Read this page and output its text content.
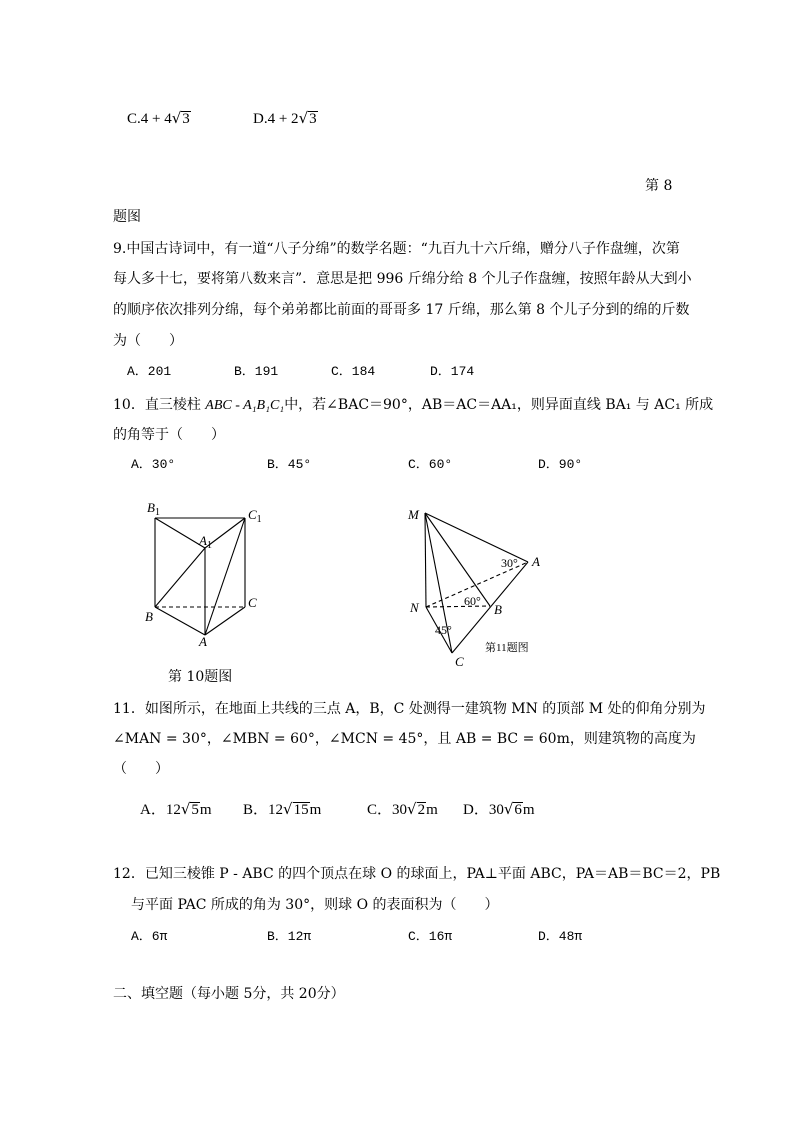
C.4 + 4√3	D.4 + 2√3
第 8
题图
9.中国古诗词中，有一道“八子分绵”的数学名题：“九百九十六斤绵，赠分八子作盘缠，次第
每人多十七，要将第八数来言”．意思是把 996 斤绵分给 8 个儿子作盘缠，按照年龄从大到小
的顺序依次排列分绵，每个弟弟都比前面的哥哥多 17 斤绵，那么第 8 个儿子分到的绵的斤数
为（　　）
A．201	B．191	C．184	D．174
10．直三棱柱 ABC - A₁B₁C₁中，若∠BAC＝90°，AB＝AC＝AA₁，则异面直线 BA₁ 与 AC₁ 所成
的角等于（　　）
A．30°	B．45°	C．60°	D．90°
$B_1$	$C_1$
$A_1$
B
C
A
第 10题图
M
N
A
B
C
30°
60°
45°
第11题图
11．如图所示，在地面上共线的三点 A，B，C 处测得一建筑物 MN 的顶部 M 处的仰角分别为
∠MAN = 30°，∠MBN = 60°，∠MCN = 45°，且 AB = BC = 60m，则建筑物的高度为
（　　）
A．12√5m B．12√15m	C．30√2m D．30√6m
12．已知三棱锥 P - ABC 的四个顶点在球 O 的球面上，PA⊥平面 ABC，PA＝AB＝BC＝2，PB
与平面 PAC 所成的角为 30°，则球 O 的表面积为（　　）
A．6π	B．12π	C．16π	D．48π
二、填空题（每小题 5分，共 20分）
